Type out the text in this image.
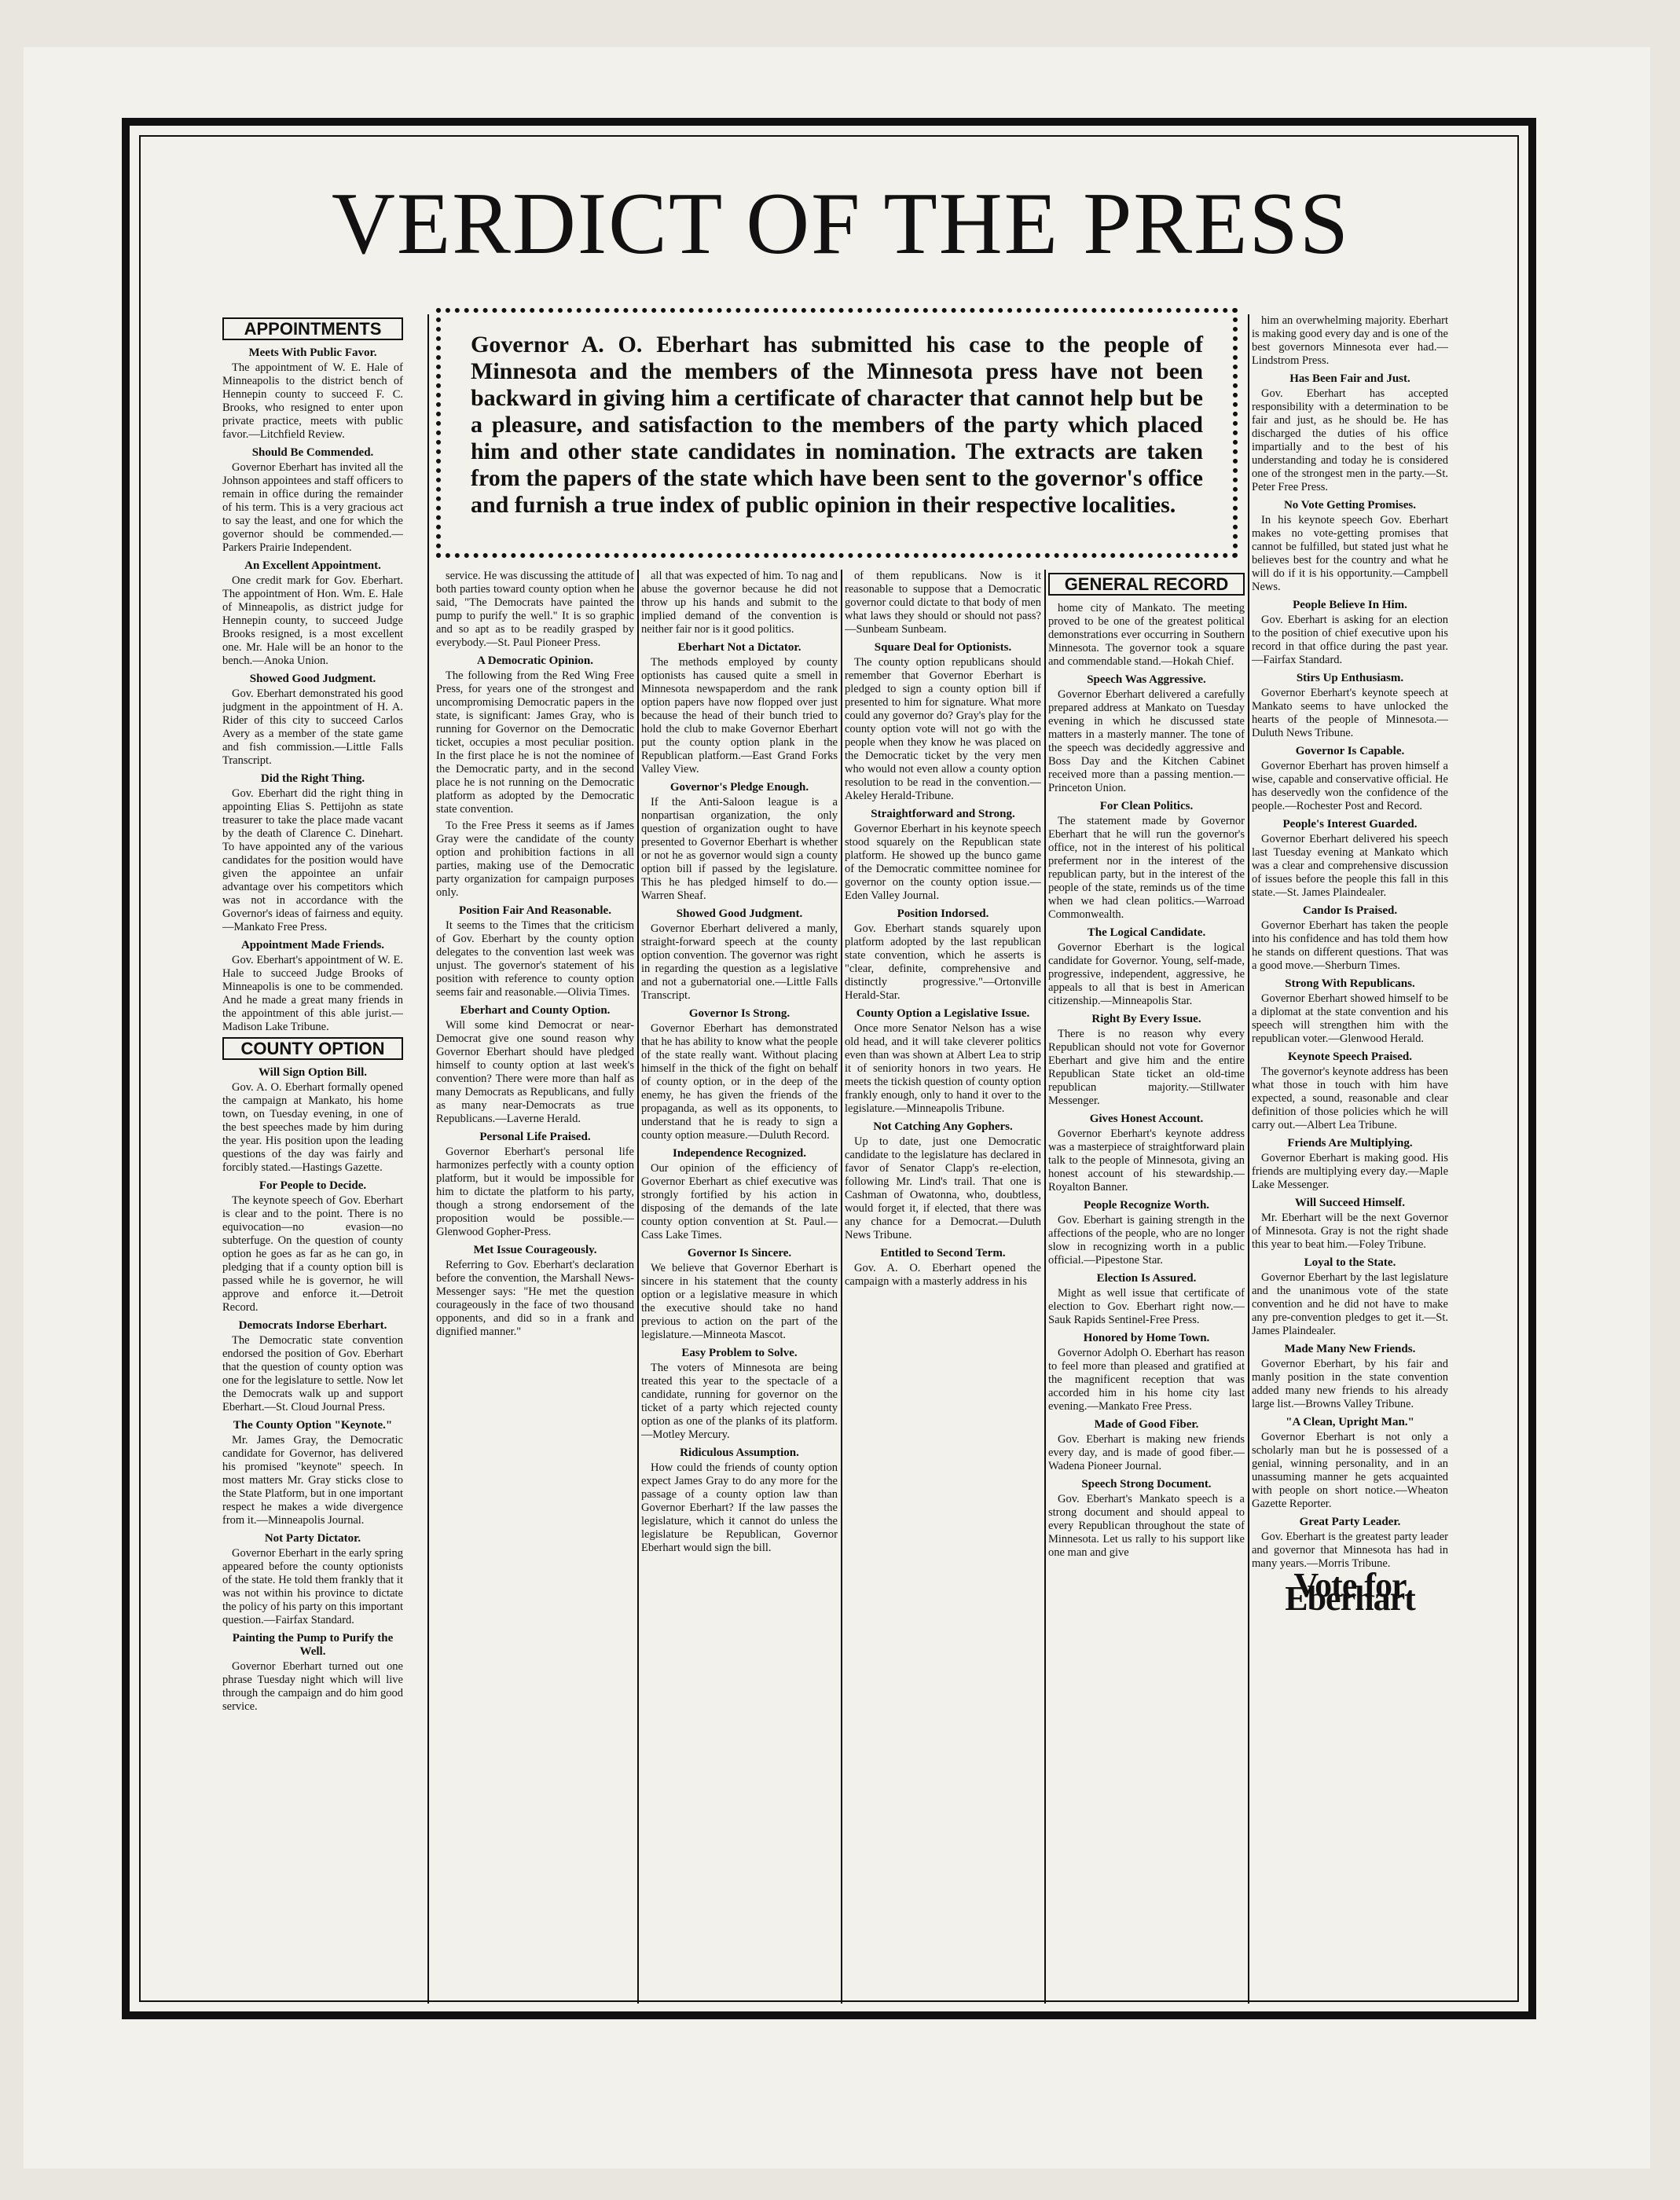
VERDICT OF THE PRESS
Governor A. O. Eberhart has submitted his case to the people of Minnesota and the members of the Minnesota press have not been backward in giving him a certificate of character that cannot help but be a pleasure, and satisfaction to the members of the party which placed him and other state candidates in nomination. The extracts are taken from the papers of the state which have been sent to the governor's office and furnish a true index of public opinion in their respective localities.
APPOINTMENTS
Meets With Public Favor.

The appointment of W. E. Hale of Minneapolis to the district bench of Hennepin county to succeed F. C. Brooks, who resigned to enter upon private practice, meets with public favor.—Litchfield Review.

Should Be Commended.

Governor Eberhart has invited all the Johnson appointees and staff officers to remain in office during the remainder of his term. This is a very gracious act to say the least, and one for which the governor should be commended.—Parkers Prairie Independent.

An Excellent Appointment.

One credit mark for Gov. Eberhart. The appointment of Hon. Wm. E. Hale of Minneapolis, as district judge for Hennepin county, to succeed Judge Brooks resigned, is a most excellent one. Mr. Hale will be an honor to the bench.—Anoka Union.

Showed Good Judgment.

Gov. Eberhart demonstrated his good judgment in the appointment of H. A. Rider of this city to succeed Carlos Avery as a member of the state game and fish commission.—Little Falls Transcript.

Did the Right Thing.

Gov. Eberhart did the right thing in appointing Elias S. Pettijohn as state treasurer to take the place made vacant by the death of Clarence C. Dinehart. To have appointed any of the various candidates for the position would have given the appointee an unfair advantage over his competitors which was not in accordance with the Governor's ideas of fairness and equity.—Mankato Free Press.

Appointment Made Friends.

Gov. Eberhart's appointment of W. E. Hale to succeed Judge Brooks of Minneapolis is one to be commended. And he made a great many friends in the appointment of this able jurist.—Madison Lake Tribune.

COUNTY OPTION
Will Sign Option Bill.

Gov. A. O. Eberhart formally opened the campaign at Mankato, his home town, on Tuesday evening, in one of the best speeches made by him during the year. His position upon the leading questions of the day was fairly and forcibly stated.—Hastings Gazette.

For People to Decide.

The keynote speech of Gov. Eberhart is clear and to the point. There is no equivocation—no evasion—no subterfuge. On the question of county option he goes as far as he can go, in pledging that if a county option bill is passed while he is governor, he will approve and enforce it.—Detroit Record.

Democrats Indorse Eberhart.

The Democratic state convention endorsed the position of Gov. Eberhart that the question of county option was one for the legislature to settle. Now let the Democrats walk up and support Eberhart.—St. Cloud Journal Press.

The County Option "Keynote."

Mr. James Gray, the Democratic candidate for Governor, has delivered his promised "keynote" speech. In most matters Mr. Gray sticks close to the State Platform, but in one important respect he makes a wide divergence from it.—Minneapolis Journal.

Not Party Dictator.

Governor Eberhart in the early spring appeared before the county optionists of the state. He told them frankly that it was not within his province to dictate the policy of his party on this important question.—Fairfax Standard.

Painting the Pump to Purify the Well.

Governor Eberhart turned out one phrase Tuesday night which will live through the campaign and do him good service.

service. He was discussing the attitude of both parties toward county option when he said, "The Democrats have painted the pump to purify the well." It is so graphic and so apt as to be readily grasped by everybody.—St. Paul Pioneer Press.

A Democratic Opinion.

The following from the Red Wing Free Press, for years one of the strongest and uncompromising Democratic papers in the state, is significant: James Gray, who is running for Governor on the Democratic ticket, occupies a most peculiar position. In the first place he is not the nominee of the Democratic party, and in the second place he is not running on the Democratic platform as adopted by the Democratic state convention.

To the Free Press it seems as if James Gray were the candidate of the county option and prohibition factions in all parties, making use of the Democratic party organization for campaign purposes only.

Position Fair And Reasonable.

It seems to the Times that the criticism of Gov. Eberhart by the county option delegates to the convention last week was unjust. The governor's statement of his position with reference to county option seems fair and reasonable.—Olivia Times.

Eberhart and County Option.

Will some kind Democrat or near-Democrat give one sound reason why Governor Eberhart should have pledged himself to county option at last week's convention? There were more than half as many Democrats as Republicans, and fully as many near-Democrats as true Republicans.—Laverne Herald.

Personal Life Praised.

Governor Eberhart's personal life harmonizes perfectly with a county option platform, but it would be impossible for him to dictate the platform to his party, though a strong endorsement of the proposition would be possible.—Glenwood Gopher-Press.

Met Issue Courageously.

Referring to Gov. Eberhart's declaration before the convention, the Marshall News-Messenger says: "He met the question courageously in the face of two thousand opponents, and did so in a frank and dignified manner."

all that was expected of him. To nag and abuse the governor because he did not throw up his hands and submit to the implied demand of the convention is neither fair nor is it good politics.

Eberhart Not a Dictator.

The methods employed by county optionists has caused quite a smell in Minnesota newspaperdom and the rank option papers have now flopped over just because the head of their bunch tried to hold the club to make Governor Eberhart put the county option plank in the Republican platform.—East Grand Forks Valley View.

Governor's Pledge Enough.

If the Anti-Saloon league is a nonpartisan organization, the only question of organization ought to have presented to Governor Eberhart is whether or not he as governor would sign a county option bill if passed by the legislature. This he has pledged himself to do.—Warren Sheaf.

Showed Good Judgment.

Governor Eberhart delivered a manly, straight-forward speech at the county option convention. The governor was right in regarding the question as a legislative and not a gubernatorial one.—Little Falls Transcript.

Governor Is Strong.

Governor Eberhart has demonstrated that he has ability to know what the people of the state really want. Without placing himself in the thick of the fight on behalf of county option, or in the deep of the enemy, he has given the friends of the propaganda, as well as its opponents, to understand that he is ready to sign a county option measure.—Duluth Record.

Independence Recognized.

Our opinion of the efficiency of Governor Eberhart as chief executive was strongly fortified by his action in disposing of the demands of the late county option convention at St. Paul.—Cass Lake Times.

Governor Is Sincere.

We believe that Governor Eberhart is sincere in his statement that the county option or a legislative measure in which the executive should take no hand previous to action on the part of the legislature.—Minneota Mascot.

Easy Problem to Solve.

The voters of Minnesota are being treated this year to the spectacle of a candidate, running for governor on the ticket of a party which rejected county option as one of the planks of its platform.—Motley Mercury.

Ridiculous Assumption.

How could the friends of county option expect James Gray to do any more for the passage of a county option law than Governor Eberhart? If the law passes the legislature, which it cannot do unless the legislature be Republican, Governor Eberhart would sign the bill.

of them republicans. Now is it reasonable to suppose that a Democratic governor could dictate to that body of men what laws they should or should not pass?—Sunbeam Sunbeam.

Square Deal for Optionists.

The county option republicans should remember that Governor Eberhart is pledged to sign a county option bill if presented to him for signature. What more could any governor do? Gray's play for the county option vote will not go with the people when they know he was placed on the Democratic ticket by the very men who would not even allow a county option resolution to be read in the convention.—Akeley Herald-Tribune.

Straightforward and Strong.

Governor Eberhart in his keynote speech stood squarely on the Republican state platform. He showed up the bunco game of the Democratic committee nominee for governor on the county option issue.—Eden Valley Journal.

Position Indorsed.

Gov. Eberhart stands squarely upon platform adopted by the last republican state convention, which he asserts is "clear, definite, comprehensive and distinctly progressive."—Ortonville Herald-Star.

County Option a Legislative Issue.

Once more Senator Nelson has a wise old head, and it will take cleverer politics even than was shown at Albert Lea to strip it of seniority honors in two years. He meets the tickish question of county option frankly enough, only to hand it over to the legislature.—Minneapolis Tribune.

Not Catching Any Gophers.

Up to date, just one Democratic candidate to the legislature has declared in favor of Senator Clapp's re-election, following Mr. Lind's trail. That one is Cashman of Owatonna, who, doubtless, would forget it, if elected, that there was any chance for a Democrat.—Duluth News Tribune.

Entitled to Second Term.

Gov. A. O. Eberhart opened the campaign with a masterly address in his

GENERAL RECORD

home city of Mankato. The meeting proved to be one of the greatest political demonstrations ever occurring in Southern Minnesota. The governor took a square and commendable stand.—Hokah Chief.

Speech Was Aggressive.

Governor Eberhart delivered a carefully prepared address at Mankato on Tuesday evening in which he discussed state matters in a masterly manner. The tone of the speech was decidedly aggressive and Boss Day and the Kitchen Cabinet received more than a passing mention.—Princeton Union.

For Clean Politics.

The statement made by Governor Eberhart that he will run the governor's office, not in the interest of his political preferment nor in the interest of the republican party, but in the interest of the people of the state, reminds us of the time when we had clean politics.—Warroad Commonwealth.

The Logical Candidate.

Governor Eberhart is the logical candidate for Governor. Young, self-made, progressive, independent, aggressive, he appeals to all that is best in American citizenship.—Minneapolis Star.

Right By Every Issue.

There is no reason why every Republican should not vote for Governor Eberhart and give him and the entire Republican State ticket an old-time republican majority.—Stillwater Messenger.

Gives Honest Account.

Governor Eberhart's keynote address was a masterpiece of straightforward plain talk to the people of Minnesota, giving an honest account of his stewardship.—Royalton Banner.

People Recognize Worth.

Gov. Eberhart is gaining strength in the affections of the people, who are no longer slow in recognizing worth in a public official.—Pipestone Star.

Election Is Assured.

Might as well issue that certificate of election to Gov. Eberhart right now.—Sauk Rapids Sentinel-Free Press.

Honored by Home Town.

Governor Adolph O. Eberhart has reason to feel more than pleased and gratified at the magnificent reception that was accorded him in his home city last evening.—Mankato Free Press.

Made of Good Fiber.

Gov. Eberhart is making new friends every day, and is made of good fiber.—Wadena Pioneer Journal.

Speech Strong Document.

Gov. Eberhart's Mankato speech is a strong document and should appeal to every Republican throughout the state of Minnesota. Let us rally to his support like one man and give

him an overwhelming majority. Eberhart is making good every day and is one of the best governors Minnesota ever had.—Lindstrom Press.

Has Been Fair and Just.

Gov. Eberhart has accepted responsibility with a determination to be fair and just, as he should be. He has discharged the duties of his office impartially and to the best of his understanding and today he is considered one of the strongest men in the party.—St. Peter Free Press.

No Vote Getting Promises.

In his keynote speech Gov. Eberhart makes no vote-getting promises that cannot be fulfilled, but stated just what he believes best for the country and what he will do if it is his opportunity.—Campbell News.

People Believe In Him.

Gov. Eberhart is asking for an election to the position of chief executive upon his record in that office during the past year.—Fairfax Standard.

Stirs Up Enthusiasm.

Governor Eberhart's keynote speech at Mankato seems to have unlocked the hearts of the people of Minnesota.—Duluth News Tribune.

Governor Is Capable.

Governor Eberhart has proven himself a wise, capable and conservative official. He has deservedly won the confidence of the people.—Rochester Post and Record.

People's Interest Guarded.

Governor Eberhart delivered his speech last Tuesday evening at Mankato which was a clear and comprehensive discussion of issues before the people this fall in this state.—St. James Plaindealer.

Candor Is Praised.

Governor Eberhart has taken the people into his confidence and has told them how he stands on different questions. That was a good move.—Sherburn Times.

Strong With Republicans.

Governor Eberhart showed himself to be a diplomat at the state convention and his speech will strengthen him with the republican voter.—Glenwood Herald.

Keynote Speech Praised.

The governor's keynote address has been what those in touch with him have expected, a sound, reasonable and clear definition of those policies which he will carry out.—Albert Lea Tribune.

Friends Are Multiplying.

Governor Eberhart is making good. His friends are multiplying every day.—Maple Lake Messenger.

Will Succeed Himself.

Mr. Eberhart will be the next Governor of Minnesota. Gray is not the right shade this year to beat him.—Foley Tribune.

Loyal to the State.

Governor Eberhart by the last legislature and the unanimous vote of the state convention and he did not have to make any pre-convention pledges to get it.—St. James Plaindealer.

Made Many New Friends.

Governor Eberhart, by his fair and manly position in the state convention added many new friends to his already large list.—Browns Valley Tribune.

"A Clean, Upright Man."

Governor Eberhart is not only a scholarly man but he is possessed of a genial, winning personality, and in an unassuming manner he gets acquainted with people on short notice.—Wheaton Gazette Reporter.

Great Party Leader.

Gov. Eberhart is the greatest party leader and governor that Minnesota has had in many years.—Morris Tribune.

Vote for Eberhart
